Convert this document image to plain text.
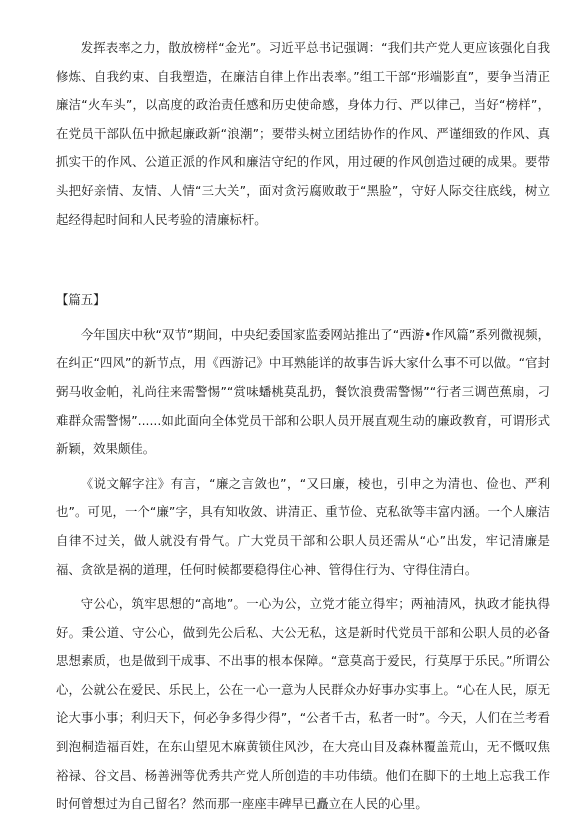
发挥表率之力，散放榜样“金光”。习近平总书记强调：“我们共产党人更应该强化自我修炼、自我约束、自我塑造，在廉洁自律上作出表率。”组工干部“形端影直”，要争当清正廉洁“火车头”，以高度的政治责任感和历史使命感，身体力行、严以律己，当好“榜样”，在党员干部队伍中掀起廉政新“浪潮”；要带头树立团结协作的作风、严谨细致的作风、真抓实干的作风、公道正派的作风和廉洁守纪的作风，用过硬的作风创造过硬的成果。要带头把好亲情、友情、人情“三大关”，面对贪污腐败敢于“黑脸”，守好人际交往底线，树立起经得起时间和人民考验的清廉标杆。

【篇五】

今年国庆中秋“双节”期间，中央纪委国家监委网站推出了“西游•作风篇”系列微视频，在纠正“四风”的新节点，用《西游记》中耳熟能详的故事告诉大家什么事不可以做。“官封弼马收金帕，礼尚往来需警惕”“赏味蟠桃莫乱扔，餐饮浪费需警惕”“行者三调芭蕉扇，刁难群众需警惕”......如此面向全体党员干部和公职人员开展直观生动的廉政教育，可谓形式新颖，效果颇佳。

《说文解字注》有言，“廉之言敛也”，“又曰廉，棱也，引申之为清也、俭也、严利也”。可见，一个“廉”字，具有知收敛、讲清正、重节俭、克私欲等丰富内涵。一个人廉洁自律不过关，做人就没有骨气。广大党员干部和公职人员还需从“心”出发，牢记清廉是福、贪欲是祸的道理，任何时候都要稳得住心神、管得住行为、守得住清白。

守公心，筑牢思想的“高地”。一心为公，立党才能立得牢；两袖清风，执政才能执得好。秉公道、守公心，做到先公后私、大公无私，这是新时代党员干部和公职人员的必备思想素质，也是做到干成事、不出事的根本保障。“意莫高于爱民，行莫厚于乐民。”所谓公心，公就公在爱民、乐民上，公在一心一意为人民群众办好事办实事上。“心在人民，原无论大事小事；利归天下，何必争多得少得”，“公者千古，私者一时”。今天，人们在兰考看到泡桐造福百姓，在东山望见木麻黄锁住风沙，在大亮山目及森林覆盖荒山，无不慨叹焦裕禄、谷文昌、杨善洲等优秀共产党人所创造的丰功伟绩。他们在脚下的土地上忘我工作时何曾想过为自己留名？然而那一座座丰碑早已矗立在人民的心里。
